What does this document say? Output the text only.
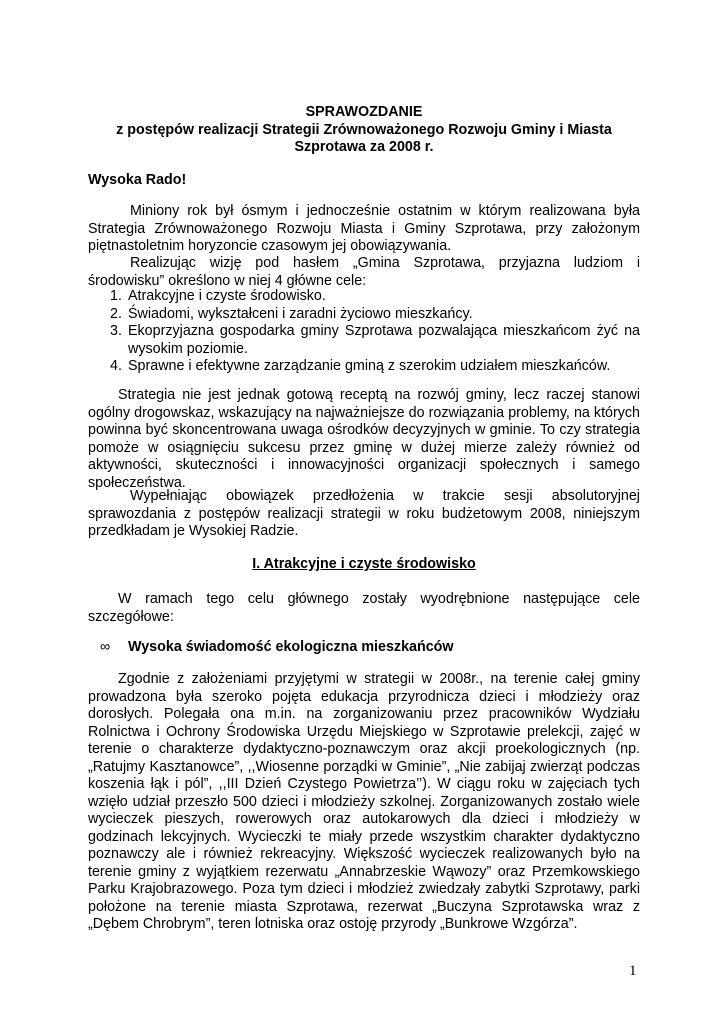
SPRAWOZDANIE
z postępów realizacji Strategii Zrównoważonego Rozwoju Gminy i Miasta
Szprotawa za 2008 r.
Wysoka Rado!
Miniony rok był ósmym i jednocześnie ostatnim w którym realizowana była Strategia Zrównoważonego Rozwoju Miasta i Gminy Szprotawa, przy założonym piętnastoletnim horyzoncie czasowym jej obowiązywania.
Realizując wizję pod hasłem „Gmina Szprotawa, przyjazna ludziom i środowisku” określono w niej 4 główne cele:
1. Atrakcyjne i czyste środowisko.
2. Świadomi, wykształceni i zaradni życiowo mieszkańcy.
3. Ekoprzyjazna gospodarka gminy Szprotawa pozwalająca mieszkańcom żyć na wysokim poziomie.
4. Sprawne i efektywne zarządzanie gminą z szerokim udziałem mieszkańców.
Strategia nie jest jednak gotową receptą na rozwój gminy, lecz raczej stanowi ogólny drogowskaz, wskazujący na najważniejsze do rozwiązania problemy, na których powinna być skoncentrowana uwaga ośrodków decyzyjnych w gminie. To czy strategia pomoże w osiągnięciu sukcesu przez gminę w dużej mierze zależy również od aktywności, skuteczności i innowacyjności organizacji społecznych i samego społeczeństwa.
Wypełniając obowiązek przedłożenia w trakcie sesji absolutoryjnej sprawozdania z postępów realizacji strategii w roku budżetowym 2008, niniejszym przedkładam je Wysokiej Radzie.
I. Atrakcyjne i czyste środowisko
W ramach tego celu głównego zostały wyodrębnione następujące cele szczegółowe:
∞ Wysoka świadomość ekologiczna mieszkańców
Zgodnie z założeniami przyjętymi w strategii w 2008r., na terenie całej gminy prowadzona była szeroko pojęta edukacja przyrodnicza dzieci i młodzieży oraz dorosłych. Polegała ona m.in. na zorganizowaniu przez pracowników Wydziału Rolnictwa i Ochrony Środowiska Urzędu Miejskiego w Szprotawie prelekcji, zajęć w terenie o charakterze dydaktyczno-poznawczym oraz akcji proekologicznych (np. „Ratujmy Kasztanowce”, ,,Wiosenne porządki w Gminie”, „Nie zabijaj zwierząt podczas koszenia łąk i pól”, ,,III Dzień Czystego Powietrza’’). W ciągu roku w zajęciach tych wzięło udział przeszło 500 dzieci i młodzieży szkolnej. Zorganizowanych zostało wiele wycieczek pieszych, rowerowych oraz autokarowych dla dzieci i młodzieży w godzinach lekcyjnych. Wycieczki te miały przede wszystkim charakter dydaktyczno poznawczy ale i również rekreacyjny. Większość wycieczek realizowanych było na terenie gminy z wyjątkiem rezerwatu „Annabrzeskie Wąwozy” oraz Przemkowskiego Parku Krajobrazowego. Poza tym dzieci i młodzież zwiedzały zabytki Szprotawy, parki położone na terenie miasta Szprotawa, rezerwat „Buczyna Szprotawska wraz z „Dębem Chrobrym”, teren lotniska oraz ostoję przyrody „Bunkrowe Wzgórza”.
1
